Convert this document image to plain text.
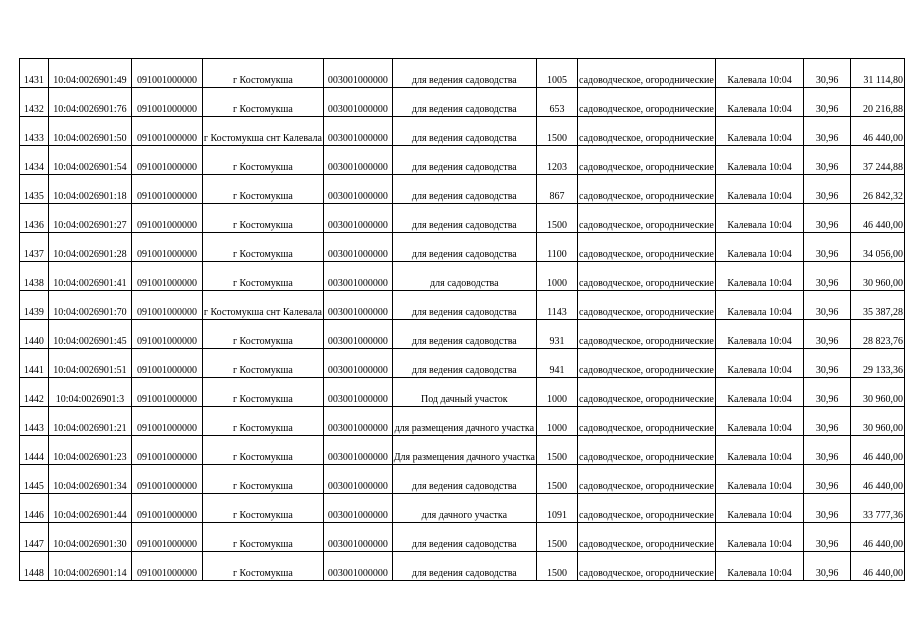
1431	10:04:0026901:49	091001000000	г Костомукша	003001000000	для ведения садоводства	1005	садоводческое, огороднические	Калевала 10:04	30,96	31 114,80
1432	10:04:0026901:76	091001000000	г Костомукша	003001000000	для ведения садоводства	653	садоводческое, огороднические	Калевала 10:04	30,96	20 216,88
1433	10:04:0026901:50	091001000000	г Костомукша снт Калевала	003001000000	для ведения садоводства	1500	садоводческое, огороднические	Калевала 10:04	30,96	46 440,00
1434	10:04:0026901:54	091001000000	г Костомукша	003001000000	для ведения садоводства	1203	садоводческое, огороднические	Калевала 10:04	30,96	37 244,88
1435	10:04:0026901:18	091001000000	г Костомукша	003001000000	для ведения садоводства	867	садоводческое, огороднические	Калевала 10:04	30,96	26 842,32
1436	10:04:0026901:27	091001000000	г Костомукша	003001000000	для ведения садоводства	1500	садоводческое, огороднические	Калевала 10:04	30,96	46 440,00
1437	10:04:0026901:28	091001000000	г Костомукша	003001000000	для ведения садоводства	1100	садоводческое, огороднические	Калевала 10:04	30,96	34 056,00
1438	10:04:0026901:41	091001000000	г Костомукша	003001000000	для садоводства	1000	садоводческое, огороднические	Калевала 10:04	30,96	30 960,00
1439	10:04:0026901:70	091001000000	г Костомукша снт Калевала	003001000000	для ведения садоводства	1143	садоводческое, огороднические	Калевала 10:04	30,96	35 387,28
1440	10:04:0026901:45	091001000000	г Костомукша	003001000000	для ведения садоводства	931	садоводческое, огороднические	Калевала 10:04	30,96	28 823,76
1441	10:04:0026901:51	091001000000	г Костомукша	003001000000	для ведения садоводства	941	садоводческое, огороднические	Калевала 10:04	30,96	29 133,36
1442	10:04:0026901:3	091001000000	г Костомукша	003001000000	Под дачный участок	1000	садоводческое, огороднические	Калевала 10:04	30,96	30 960,00
1443	10:04:0026901:21	091001000000	г Костомукша	003001000000	для размещения дачного участка	1000	садоводческое, огороднические	Калевала 10:04	30,96	30 960,00
1444	10:04:0026901:23	091001000000	г Костомукша	003001000000	Для размещения дачного участка	1500	садоводческое, огороднические	Калевала 10:04	30,96	46 440,00
1445	10:04:0026901:34	091001000000	г Костомукша	003001000000	для ведения садоводства	1500	садоводческое, огороднические	Калевала 10:04	30,96	46 440,00
1446	10:04:0026901:44	091001000000	г Костомукша	003001000000	для дачного участка	1091	садоводческое, огороднические	Калевала 10:04	30,96	33 777,36
1447	10:04:0026901:30	091001000000	г Костомукша	003001000000	для ведения садоводства	1500	садоводческое, огороднические	Калевала 10:04	30,96	46 440,00
1448	10:04:0026901:14	091001000000	г Костомукша	003001000000	для ведения садоводства	1500	садоводческое, огороднические	Калевала 10:04	30,96	46 440,00
